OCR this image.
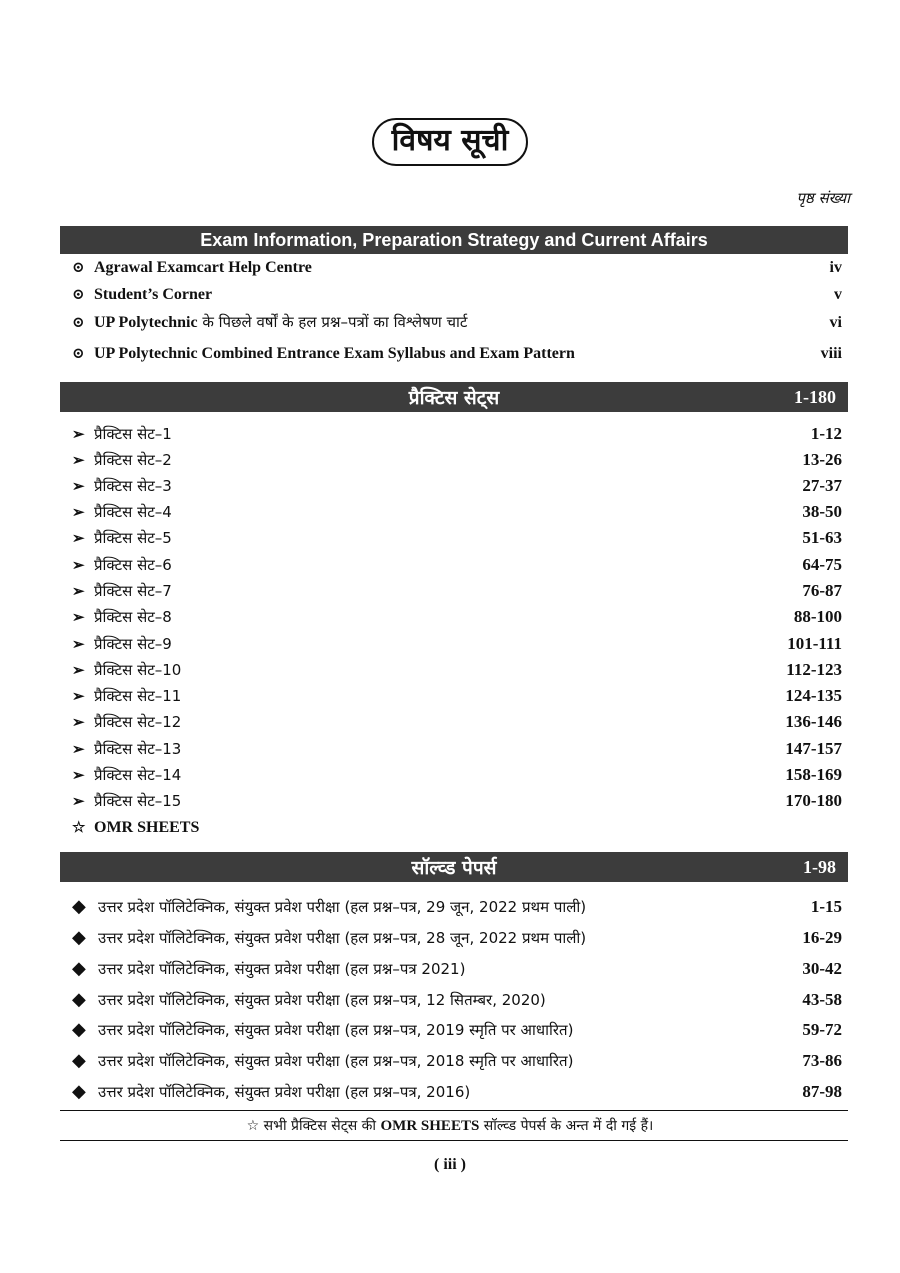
विषय सूची
पृष्ठ संख्या
Exam Information, Preparation Strategy and Current Affairs
⊙ Agrawal Examcart Help Centre	iv
⊙ Student’s Corner	v
⊙ UP Polytechnic के पिछले वर्षों के हल प्रश्न–पत्रों का विश्लेषण चार्ट	vi
⊙ UP Polytechnic Combined Entrance Exam Syllabus and Exam Pattern	viii
प्रैक्टिस सेट्स	1-180
➢ प्रैक्टिस सेट–1	1-12
➢ प्रैक्टिस सेट–2	13-26
➢ प्रैक्टिस सेट–3	27-37
➢ प्रैक्टिस सेट–4	38-50
➢ प्रैक्टिस सेट–5	51-63
➢ प्रैक्टिस सेट–6	64-75
➢ प्रैक्टिस सेट–7	76-87
➢ प्रैक्टिस सेट–8	88-100
➢ प्रैक्टिस सेट–9	101-111
➢ प्रैक्टिस सेट–10	112-123
➢ प्रैक्टिस सेट–11	124-135
➢ प्रैक्टिस सेट–12	136-146
➢ प्रैक्टिस सेट–13	147-157
➢ प्रैक्टिस सेट–14	158-169
➢ प्रैक्टिस सेट–15	170-180
☆ OMR SHEETS
सॉल्व्ड पेपर्स	1-98
◆ उत्तर प्रदेश पॉलिटेक्निक, संयुक्त प्रवेश परीक्षा (हल प्रश्न–पत्र, 29 जून, 2022 प्रथम पाली)	1-15
◆ उत्तर प्रदेश पॉलिटेक्निक, संयुक्त प्रवेश परीक्षा (हल प्रश्न–पत्र, 28 जून, 2022 प्रथम पाली)	16-29
◆ उत्तर प्रदेश पॉलिटेक्निक, संयुक्त प्रवेश परीक्षा (हल प्रश्न–पत्र 2021)	30-42
◆ उत्तर प्रदेश पॉलिटेक्निक, संयुक्त प्रवेश परीक्षा (हल प्रश्न–पत्र, 12 सितम्बर, 2020)	43-58
◆ उत्तर प्रदेश पॉलिटेक्निक, संयुक्त प्रवेश परीक्षा (हल प्रश्न–पत्र, 2019 स्मृति पर आधारित)	59-72
◆ उत्तर प्रदेश पॉलिटेक्निक, संयुक्त प्रवेश परीक्षा (हल प्रश्न–पत्र, 2018 स्मृति पर आधारित)	73-86
◆ उत्तर प्रदेश पॉलिटेक्निक, संयुक्त प्रवेश परीक्षा (हल प्रश्न–पत्र, 2016)	87-98
☆ सभी प्रैक्टिस सेट्स की OMR SHEETS सॉल्व्ड पेपर्स के अन्त में दी गई हैं।
( iii )
